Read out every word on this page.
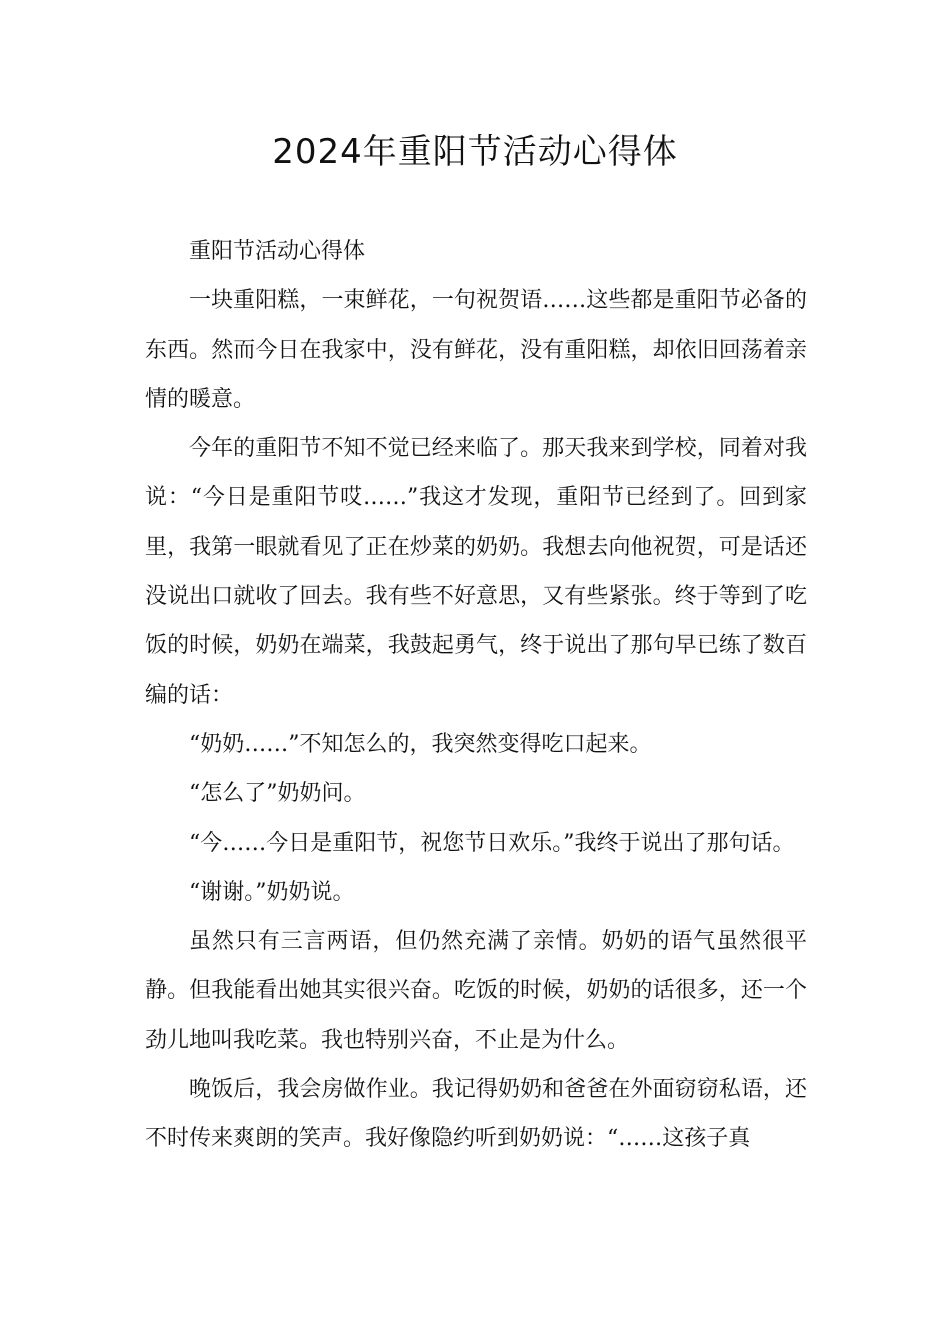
2024年重阳节活动心得体

重阳节活动心得体

一块重阳糕，一束鲜花，一句祝贺语……这些都是重阳节必备的东西。然而今日在我家中，没有鲜花，没有重阳糕，却依旧回荡着亲情的暖意。

今年的重阳节不知不觉已经来临了。那天我来到学校，同着对我说：“今日是重阳节哎……”我这才发现，重阳节已经到了。回到家里，我第一眼就看见了正在炒菜的奶奶。我想去向他祝贺，可是话还没说出口就收了回去。我有些不好意思，又有些紧张。终于等到了吃饭的时候，奶奶在端菜，我鼓起勇气，终于说出了那句早已练了数百编的话：

“奶奶……”不知怎么的，我突然变得吃口起来。

“怎么了”奶奶问。

“今……今日是重阳节，祝您节日欢乐。”我终于说出了那句话。

“谢谢。”奶奶说。

虽然只有三言两语，但仍然充满了亲情。奶奶的语气虽然很平静。但我能看出她其实很兴奋。吃饭的时候，奶奶的话很多，还一个劲儿地叫我吃菜。我也特别兴奋，不止是为什么。

晚饭后，我会房做作业。我记得奶奶和爸爸在外面窃窃私语，还不时传来爽朗的笑声。我好像隐约听到奶奶说：“……这孩子真
